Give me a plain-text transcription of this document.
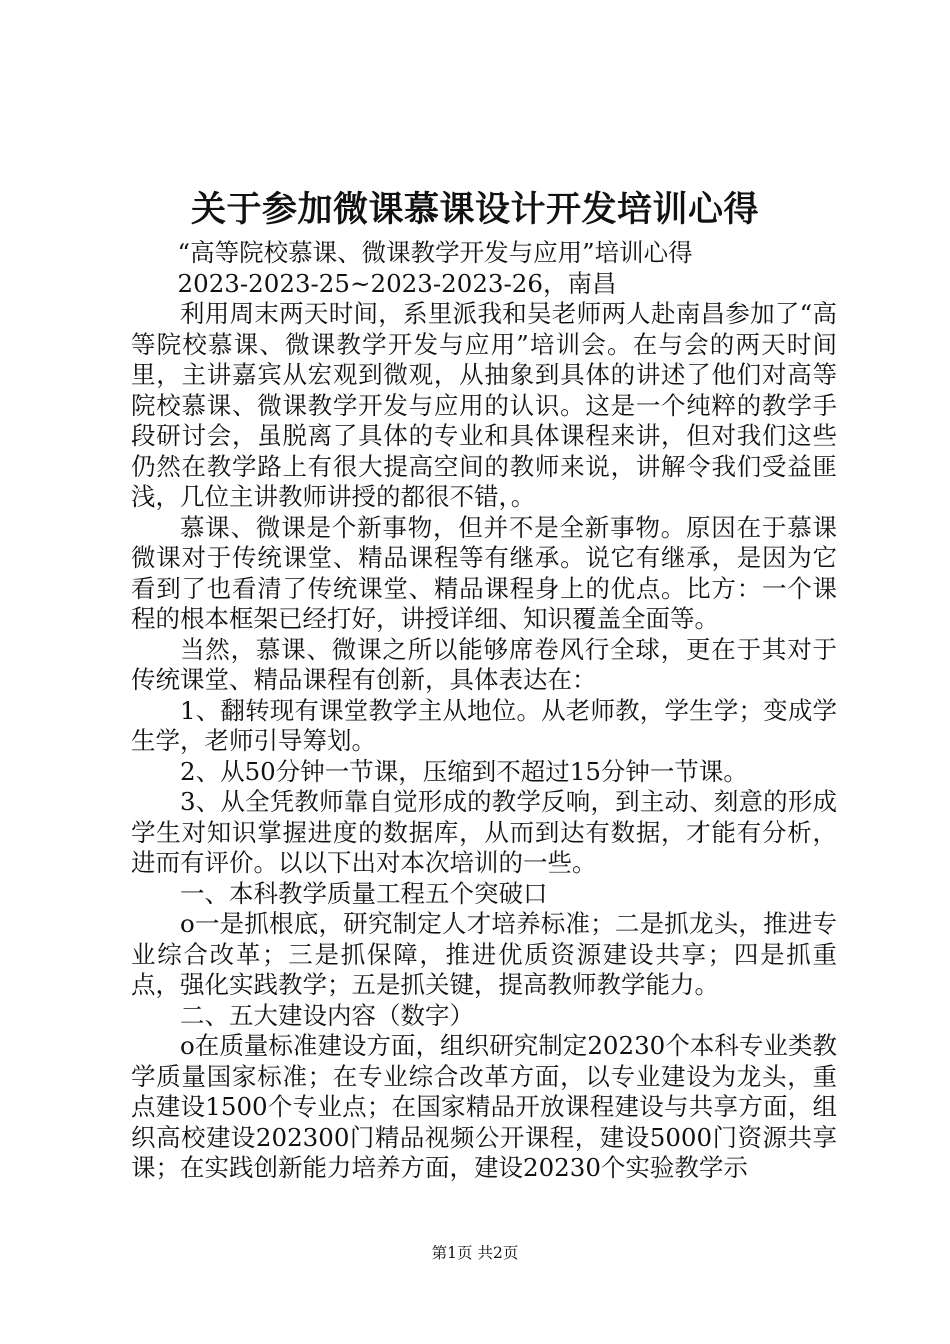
关于参加微课慕课设计开发培训心得

“高等院校慕课、微课教学开发与应用”培训心得

2023-2023-25~2023-2023-26，南昌

利用周末两天时间，系里派我和吴老师两人赴南昌参加了“高等院校慕课、微课教学开发与应用”培训会。在与会的两天时间里，主讲嘉宾从宏观到微观，从抽象到具体的讲述了他们对高等院校慕课、微课教学开发与应用的认识。这是一个纯粹的教学手段研讨会，虽脱离了具体的专业和具体课程来讲，但对我们这些仍然在教学路上有很大提高空间的教师来说，讲解令我们受益匪浅，几位主讲教师讲授的都很不错，。

慕课、微课是个新事物，但并不是全新事物。原因在于慕课微课对于传统课堂、精品课程等有继承。说它有继承，是因为它看到了也看清了传统课堂、精品课程身上的优点。比方：一个课程的根本框架已经打好，讲授详细、知识覆盖全面等。

当然，慕课、微课之所以能够席卷风行全球，更在于其对于传统课堂、精品课程有创新，具体表达在：

1、翻转现有课堂教学主从地位。从老师教，学生学；变成学生学，老师引导筹划。

2、从50分钟一节课，压缩到不超过15分钟一节课。

3、从全凭教师靠自觉形成的教学反响，到主动、刻意的形成学生对知识掌握进度的数据库，从而到达有数据，才能有分析，进而有评价。以以下出对本次培训的一些。

一、本科教学质量工程五个突破口

o一是抓根底，研究制定人才培养标准；二是抓龙头，推进专业综合改革；三是抓保障，推进优质资源建设共享；四是抓重点，强化实践教学；五是抓关键，提高教师教学能力。

二、五大建设内容（数字）

o在质量标准建设方面，组织研究制定20230个本科专业类教学质量国家标准；在专业综合改革方面，以专业建设为龙头，重点建设1500个专业点；在国家精品开放课程建设与共享方面，组织高校建设202300门精品视频公开课程，建设5000门资源共享课；在实践创新能力培养方面，建设20230个实验教学示

第1页 共2页
